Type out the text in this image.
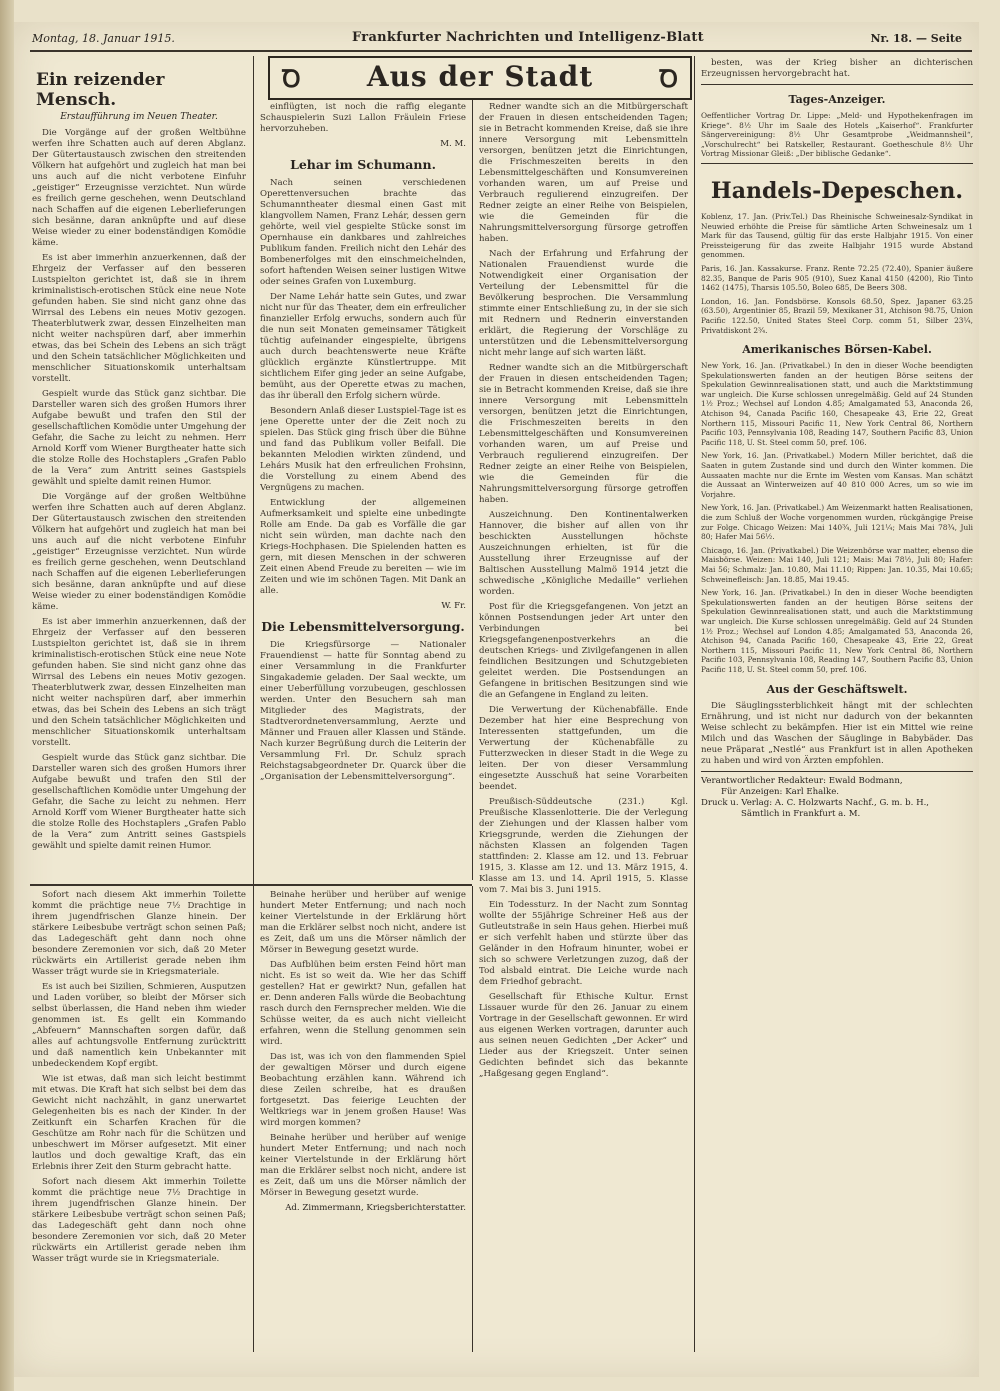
Montag, 18. Januar 1915.	Frankfurter Nachrichten und Intelligenz-Blatt	Nr. 18. — Seite
Ꝺ	Aus der Stadt	Ꝺ
Ein reizender Mensch.
Erstaufführung im Neuen Theater.

Die Vorgänge auf der großen Weltbühne werfen ihre Schatten auch auf deren Abglanz. Der Gütertaustausch zwischen den streitenden Völkern hat aufgehört und zugleich hat man bei uns auch auf die nicht verbotene Einfuhr „geistiger“ Erzeugnisse verzichtet. Nun würde es freilich gerne geschehen, wenn Deutschland nach Schaffen auf die eigenen Leberlieferungen sich besänne, daran anknüpfte und auf diese Weise wieder zu einer bodenständigen Komödie käme.

Es ist aber immerhin anzuerkennen, daß der Ehrgeiz der Verfasser auf den besseren Lustspielton gerichtet ist, daß sie in ihrem kriminalistisch-erotischen Stück eine neue Note gefunden haben. Sie sind nicht ganz ohne das Wirrsal des Lebens ein neues Motiv gezogen. Theaterblutwerk zwar, dessen Einzelheiten man nicht weiter nachspüren darf, aber immerhin etwas, das bei Schein des Lebens an sich trägt und den Schein tatsächlicher Möglichkeiten und menschlicher Situationskomik unterhaltsam vorstellt.

Gespielt wurde das Stück ganz sichtbar. Die Darsteller waren sich des großen Humors ihrer Aufgabe bewußt und trafen den Stil der gesellschaftlichen Komödie unter Umgehung der Gefahr, die Sache zu leicht zu nehmen. Herr Arnold Korff vom Wiener Burgtheater hatte sich die stolze Rolle des Hochstaplers „Grafen Pablo de la Vera“ zum Antritt seines Gastspiels gewählt und spielte damit reinen Humor.

Die Vorgänge auf der großen Weltbühne werfen ihre Schatten auch auf deren Abglanz. Der Gütertaustausch zwischen den streitenden Völkern hat aufgehört und zugleich hat man bei uns auch auf die nicht verbotene Einfuhr „geistiger“ Erzeugnisse verzichtet. Nun würde es freilich gerne geschehen, wenn Deutschland nach Schaffen auf die eigenen Leberlieferungen sich besänne, daran anknüpfte und auf diese Weise wieder zu einer bodenständigen Komödie käme.

Es ist aber immerhin anzuerkennen, daß der Ehrgeiz der Verfasser auf den besseren Lustspielton gerichtet ist, daß sie in ihrem kriminalistisch-erotischen Stück eine neue Note gefunden haben. Sie sind nicht ganz ohne das Wirrsal des Lebens ein neues Motiv gezogen. Theaterblutwerk zwar, dessen Einzelheiten man nicht weiter nachspüren darf, aber immerhin etwas, das bei Schein des Lebens an sich trägt und den Schein tatsächlicher Möglichkeiten und menschlicher Situationskomik unterhaltsam vorstellt.

Gespielt wurde das Stück ganz sichtbar. Die Darsteller waren sich des großen Humors ihrer Aufgabe bewußt und trafen den Stil der gesellschaftlichen Komödie unter Umgehung der Gefahr, die Sache zu leicht zu nehmen. Herr Arnold Korff vom Wiener Burgtheater hatte sich die stolze Rolle des Hochstaplers „Grafen Pablo de la Vera“ zum Antritt seines Gastspiels gewählt und spielte damit reinen Humor.

Sofort nach diesem Akt immerhin Toilette kommt die prächtige neue 7½ Drachtige in ihrem jugendfrischen Glanze hinein. Der stärkere Leibesbube verträgt schon seinen Paß; das Ladegeschäft geht dann noch ohne besondere Zeremonien vor sich, daß 20 Meter rückwärts ein Artillerist gerade neben ihm Wasser trägt wurde sie in Kriegsmateriale.

Es ist auch bei Sizilien, Schmieren, Ausputzen und Laden vorüber, so bleibt der Mörser sich selbst überlassen, die Hand neben ihm wieder genommen ist. Es gellt ein Kommando „Abfeuern“ Mannschaften sorgen dafür, daß alles auf achtungsvolle Entfernung zurücktritt und daß namentlich kein Unbekannter mit unbedeckendem Kopf ergibt.

Wie ist etwas, daß man sich leicht bestimmt mit etwas. Die Kraft hat sich selbst bei dem das Gewicht nicht nachzählt, in ganz unerwartet Gelegenheiten bis es nach der Kinder. In der Zeitkunft ein Scharfen Krachen für die Geschütze am Rohr nach für die Schützen und unbeschwert im Mörser aufgesetzt. Mit einer lautlos und doch gewaltige Kraft, das ein Erlebnis ihrer Zeit den Sturm gebracht hatte.

Sofort nach diesem Akt immerhin Toilette kommt die prächtige neue 7½ Drachtige in ihrem jugendfrischen Glanze hinein. Der stärkere Leibesbube verträgt schon seinen Paß; das Ladegeschäft geht dann noch ohne besondere Zeremonien vor sich, daß 20 Meter rückwärts ein Artillerist gerade neben ihm Wasser trägt wurde sie in Kriegsmateriale.

einflügten, ist noch die raffig elegante Schauspielerin Suzi Lallon Fräulein Friese hervorzuheben.

M. M.

Lehar im Schumann.

Nach seinen verschiedenen Operettenversuchen brachte das Schumanntheater diesmal einen Gast mit klangvollem Namen, Franz Lehár, dessen gern gehörte, weil viel gespielte Stücke sonst im Opernhause ein dankbares und zahlreiches Publikum fanden. Freilich nicht den Lehár des Bombenerfolges mit den einschmeichelnden, sofort haftenden Weisen seiner lustigen Witwe oder seines Grafen von Luxemburg.

Der Name Lehár hatte sein Gutes, und zwar nicht nur für das Theater, dem ein erfreulicher finanzieller Erfolg erwuchs, sondern auch für die nun seit Monaten gemeinsamer Tätigkeit tüchtig aufeinander eingespielte, übrigens auch durch beachtenswerte neue Kräfte glücklich ergänzte Künstlertruppe. Mit sichtlichem Eifer ging jeder an seine Aufgabe, bemüht, aus der Operette etwas zu machen, das ihr überall den Erfolg sichern würde.

Besondern Anlaß dieser Lustspiel-Tage ist es jene Operette unter der die Zeit noch zu spielen. Das Stück ging frisch über die Bühne und fand das Publikum voller Beifall. Die bekannten Melodien wirkten zündend, und Lehárs Musik hat den erfreulichen Frohsinn, die Vorstellung zu einem Abend des Vergnügens zu machen.

Entwicklung der allgemeinen Aufmerksamkeit und spielte eine unbedingte Rolle am Ende. Da gab es Vorfälle die gar nicht sein würden, man dachte nach den Kriegs-Hochphasen. Die Spielenden hatten es gern, mit diesen Menschen in der schweren Zeit einen Abend Freude zu bereiten — wie im Zeiten und wie im schönen Tagen. Mit Dank an alle.

W. Fr.

Die Lebensmittelversorgung.

Die Kriegsfürsorge — Nationaler Frauendienst — hatte für Sonntag abend zu einer Versammlung in die Frankfurter Singakademie geladen. Der Saal weckte, um einer Ueberfüllung vorzubeugen, geschlossen werden. Unter den Besuchern sah man Mitglieder des Magistrats, der Stadtverordnetenversammlung, Aerzte und Männer und Frauen aller Klassen und Stände. Nach kurzer Begrüßung durch die Leiterin der Versammlung Frl. Dr. Schulz sprach Reichstagsabgeordneter Dr. Quarck über die „Organisation der Lebensmittelversorgung“.

Beinahe herüber und herüber auf wenige hundert Meter Entfernung; und nach noch keiner Viertelstunde in der Erklärung hört man die Erklärer selbst noch nicht, andere ist es Zeit, daß um uns die Mörser nämlich der Mörser in Bewegung gesetzt wurde.

Das Aufblühen beim ersten Feind hört man nicht. Es ist so weit da. Wie her das Schiff gestellen? Hat er gewirkt? Nun, gefallen hat er. Denn anderen Falls würde die Beobachtung rasch durch den Fernsprecher melden. Wie die Schüsse weiter, da es auch nicht vielleicht erfahren, wenn die Stellung genommen sein wird.

Das ist, was ich von den flammenden Spiel der gewaltigen Mörser und durch eigene Beobachtung erzählen kann. Während ich diese Zeilen schreibe, hat es draußen fortgesetzt. Das feierige Leuchten der Weltkriegs war in jenem großen Hause! Was wird morgen kommen?

Beinahe herüber und herüber auf wenige hundert Meter Entfernung; und nach noch keiner Viertelstunde in der Erklärung hört man die Erklärer selbst noch nicht, andere ist es Zeit, daß um uns die Mörser nämlich der Mörser in Bewegung gesetzt wurde.

Ad. Zimmermann, Kriegsberichterstatter.

Redner wandte sich an die Mitbürgerschaft der Frauen in diesen entscheidenden Tagen; sie in Betracht kommenden Kreise, daß sie ihre innere Versorgung mit Lebensmitteln versorgen, benützen jetzt die Einrichtungen, die Frischmeszeiten bereits in den Lebensmittelgeschäften und Konsumvereinen vorhanden waren, um auf Preise und Verbrauch regulierend einzugreifen. Der Redner zeigte an einer Reihe von Beispielen, wie die Gemeinden für die Nahrungsmittelversorgung fürsorge getroffen haben.

Nach der Erfahrung und Erfahrung der Nationalen Frauendienst wurde die Notwendigkeit einer Organisation der Verteilung der Lebensmittel für die Bevölkerung besprochen. Die Versammlung stimmte einer Entschließung zu, in der sie sich mit Rednern und Rednerin einverstanden erklärt, die Regierung der Vorschläge zu unterstützen und die Lebensmittelversorgung nicht mehr lange auf sich warten läßt.

Redner wandte sich an die Mitbürgerschaft der Frauen in diesen entscheidenden Tagen; sie in Betracht kommenden Kreise, daß sie ihre innere Versorgung mit Lebensmitteln versorgen, benützen jetzt die Einrichtungen, die Frischmeszeiten bereits in den Lebensmittelgeschäften und Konsumvereinen vorhanden waren, um auf Preise und Verbrauch regulierend einzugreifen. Der Redner zeigte an einer Reihe von Beispielen, wie die Gemeinden für die Nahrungsmittelversorgung fürsorge getroffen haben.

Auszeichnung. Den Kontinentalwerken Hannover, die bisher auf allen von ihr beschickten Ausstellungen höchste Auszeichnungen erhielten, ist für die Ausstellung ihrer Erzeugnisse auf der Baltischen Ausstellung Malmö 1914 jetzt die schwedische „Königliche Medaille“ verliehen worden.

Post für die Kriegsgefangenen. Von jetzt an können Postsendungen jeder Art unter den Verbindungen bei Kriegsgefangenenpostverkehrs an die deutschen Kriegs- und Zivilgefangenen in allen feindlichen Besitzungen und Schutzgebieten geleitet werden. Die Postsendungen an Gefangene in britischen Besitzungen sind wie die an Gefangene in England zu leiten.

Die Verwertung der Küchenabfälle. Ende Dezember hat hier eine Besprechung von Interessenten stattgefunden, um die Verwertung der Küchenabfälle zu Futterzwecken in dieser Stadt in die Wege zu leiten. Der von dieser Versammlung eingesetzte Ausschuß hat seine Vorarbeiten beendet.

Preußisch-Süddeutsche (231.) Kgl. Preußische Klassenlotterie. Die der Verlegung der Ziehungen und der Klassen halber vom Kriegsgrunde, werden die Ziehungen der nächsten Klassen an folgenden Tagen stattfinden: 2. Klasse am 12. und 13. Februar 1915, 3. Klasse am 12. und 13. März 1915, 4. Klasse am 13. und 14. April 1915, 5. Klasse vom 7. Mai bis 3. Juni 1915.

Ein Todessturz. In der Nacht zum Sonntag wollte der 55jährige Schreiner Heß aus der Gutleutstraße in sein Haus gehen. Hierbei muß er sich verfehlt haben und stürzte über das Geländer in den Hofraum hinunter, wobei er sich so schwere Verletzungen zuzog, daß der Tod alsbald eintrat. Die Leiche wurde nach dem Friedhof gebracht.

Gesellschaft für Ethische Kultur. Ernst Lissauer wurde für den 26. Januar zu einem Vortrage in der Gesellschaft gewonnen. Er wird aus eigenen Werken vortragen, darunter auch aus seinen neuen Gedichten „Der Acker“ und Lieder aus der Kriegszeit. Unter seinen Gedichten befindet sich das bekannte „Haßgesang gegen England“.

besten, was der Krieg bisher an dichterischen Erzeugnissen hervorgebracht hat.

Tages-Anzeiger.

Oeffentlicher Vortrag Dr. Lippe: „Meld- und Hypothekenfragen im Kriege“. 8½ Uhr im Saale des Hotels „Kaiserhof“. Frankfurter Sängervereinigung: 8½ Uhr Gesamtprobe „Weidmannsheil“, „Vorschulrecht“ bei Ratskeller, Restaurant. Goetheschule 8½ Uhr Vortrag Missionar Gleiß: „Der biblische Gedanke“.

Handels-Depeschen.

Koblenz, 17. Jan. (Priv.Tel.) Das Rheinische Schweinesalz-Syndikat in Neuwied erhöhte die Preise für sämtliche Arten Schweinesalz um 1 Mark für das Tausend, gültig für das erste Halbjahr 1915. Von einer Preissteigerung für das zweite Halbjahr 1915 wurde Abstand genommen.

Paris, 16. Jan. Kassakurse. Franz. Rente 72.25 (72.40), Spanier äußere 82.35, Banque de Paris 905 (910), Suez Kanal 4150 (4200), Rio Tinto 1462 (1475), Tharsis 105.50, Boleo 685, De Beers 308.

London, 16. Jan. Fondsbörse. Konsols 68.50, Spez. Japaner 63.25 (63.50), Argentinier 85, Brazil 59, Mexikaner 31, Atchison 98.75, Union Pacific 122.50, United States Steel Corp. comm 51, Silber 23¼, Privatdiskont 2¾.

Amerikanisches Börsen-Kabel.

New York, 16. Jan. (Privatkabel.) In den in dieser Woche beendigten Spekulationswerten fanden an der heutigen Börse seitens der Spekulation Gewinnrealisationen statt, und auch die Marktstimmung war ungleich. Die Kurse schlossen unregelmäßig. Geld auf 24 Stunden 1½ Proz.; Wechsel auf London 4.85; Amalgamated 53, Anaconda 26, Atchison 94, Canada Pacific 160, Chesapeake 43, Erie 22, Great Northern 115, Missouri Pacific 11, New York Central 86, Northern Pacific 103, Pennsylvania 108, Reading 147, Southern Pacific 83, Union Pacific 118, U. St. Steel comm 50, pref. 106.

New York, 16. Jan. (Privatkabel.) Modern Miller berichtet, daß die Saaten in gutem Zustande sind und durch den Winter kommen. Die Aussaaten machte nur die Ernte im Westen vom Kansas. Man schätzt die Aussaat an Winterweizen auf 40 810 000 Acres, um so wie im Vorjahre.

New York, 16. Jan. (Privatkabel.) Am Weizenmarkt hatten Realisationen, die zum Schluß der Woche vorgenommen wurden, rückgängige Preise zur Folge. Chicago Weizen: Mai 140¾, Juli 121¼; Mais Mai 78¾, Juli 80; Hafer Mai 56½.

Chicago, 16. Jan. (Privatkabel.) Die Weizenbörse war matter, ebenso die Maisbörse. Weizen: Mai 140, Juli 121; Mais: Mai 78½, Juli 80; Hafer: Mai 56; Schmalz: Jan. 10.80, Mai 11.10; Rippen: Jan. 10.35, Mai 10.65; Schweinefleisch: Jan. 18.85, Mai 19.45.

New York, 16. Jan. (Privatkabel.) In den in dieser Woche beendigten Spekulationswerten fanden an der heutigen Börse seitens der Spekulation Gewinnrealisationen statt, und auch die Marktstimmung war ungleich. Die Kurse schlossen unregelmäßig. Geld auf 24 Stunden 1½ Proz.; Wechsel auf London 4.85; Amalgamated 53, Anaconda 26, Atchison 94, Canada Pacific 160, Chesapeake 43, Erie 22, Great Northern 115, Missouri Pacific 11, New York Central 86, Northern Pacific 103, Pennsylvania 108, Reading 147, Southern Pacific 83, Union Pacific 118, U. St. Steel comm 50, pref. 106.

Aus der Geschäftswelt.

Die Säuglingssterblichkeit hängt mit der schlechten Ernährung, und ist nicht nur dadurch von der bekannten Weise schlecht zu bekämpfen. Hier ist ein Mittel wie reine Milch und das Waschen der Säuglinge in Babybäder. Das neue Präparat „Nestlé“ aus Frankfurt ist in allen Apotheken zu haben und wird von Ärzten empfohlen.

Verantwortlicher Redakteur: Ewald Bodmann,
Für Anzeigen: Karl Ehalke.
Druck u. Verlag: A. C. Holzwarts Nachf., G. m. b. H.,
Sämtlich in Frankfurt a. M.
